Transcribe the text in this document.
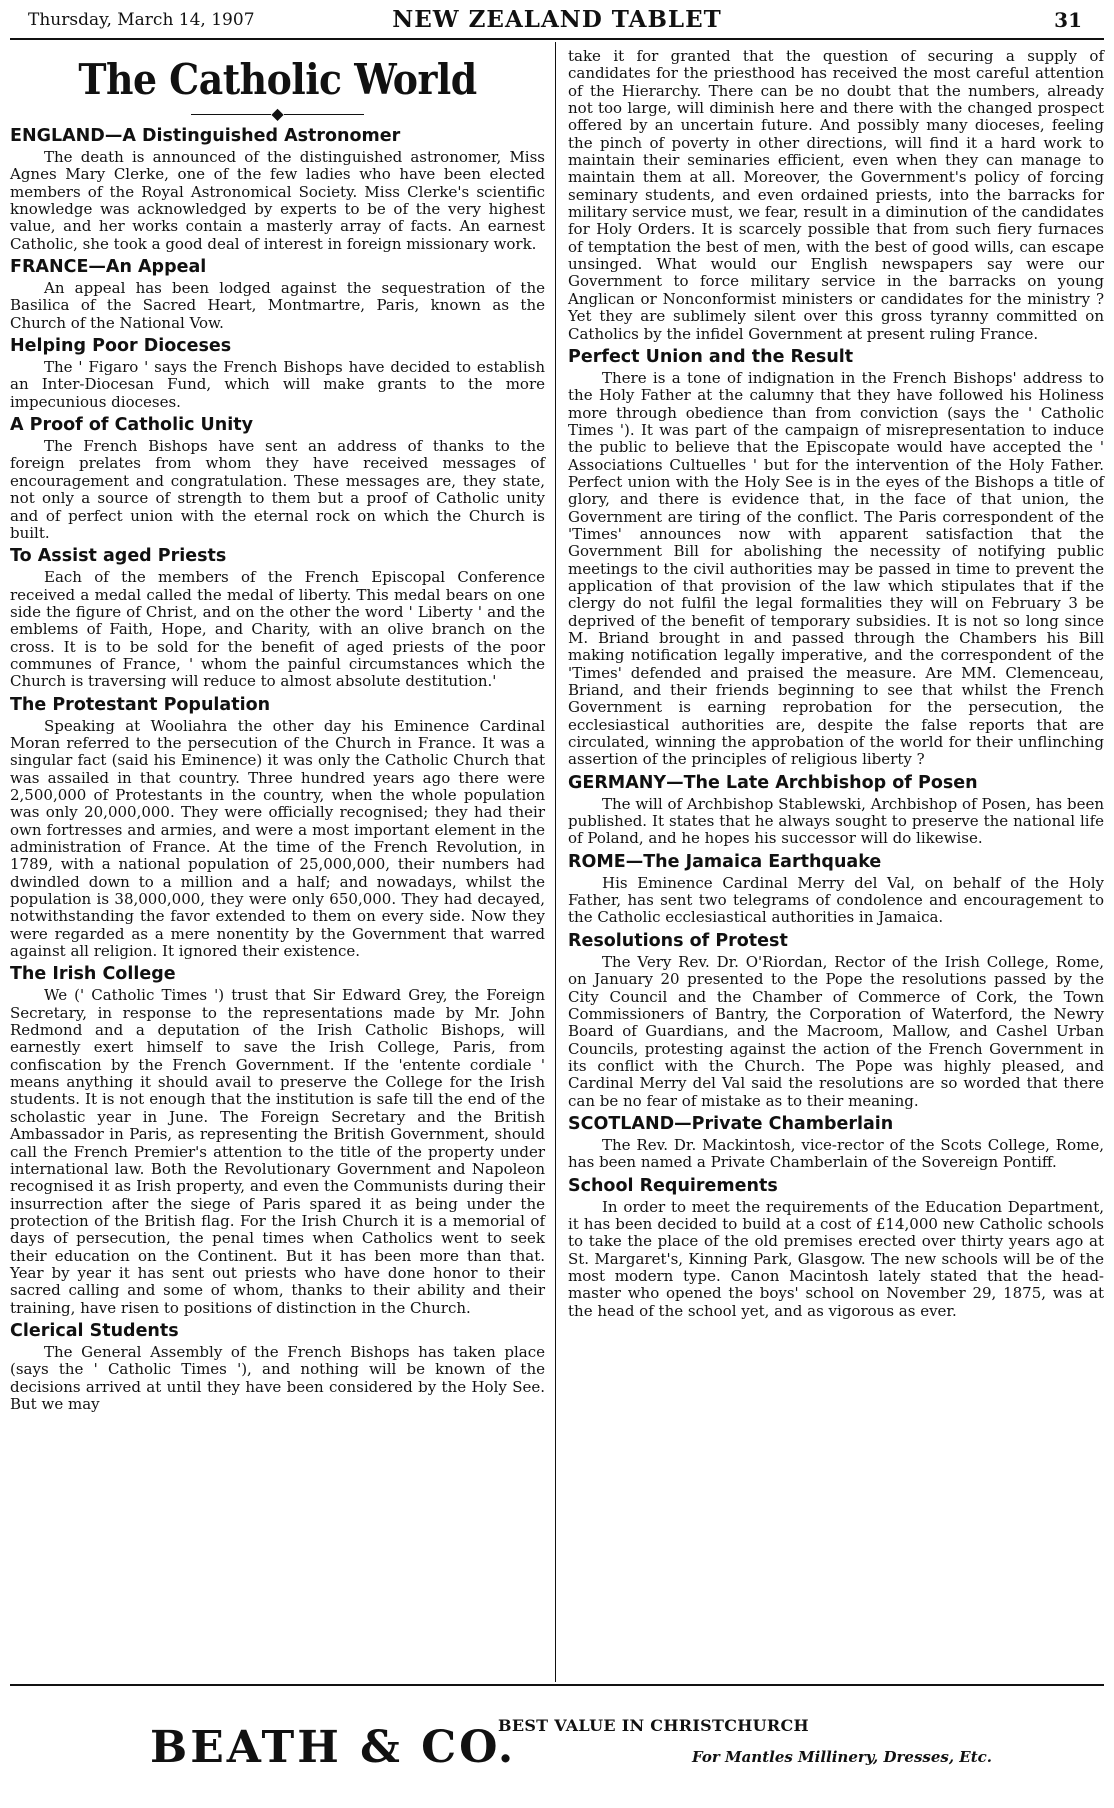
Thursday, March 14, 1907	NEW ZEALAND TABLET	31
The Catholic World
◆
ENGLAND—A Distinguished Astronomer

The death is announced of the distinguished astronomer, Miss Agnes Mary Clerke, one of the few ladies who have been elected members of the Royal Astronomical Society. Miss Clerke's scientific knowledge was acknowledged by experts to be of the very highest value, and her works contain a masterly array of facts. An earnest Catholic, she took a good deal of interest in foreign missionary work.

FRANCE—An Appeal

An appeal has been lodged against the sequestration of the Basilica of the Sacred Heart, Montmartre, Paris, known as the Church of the National Vow.

Helping Poor Dioceses

The ' Figaro ' says the French Bishops have decided to establish an Inter-Diocesan Fund, which will make grants to the more impecunious dioceses.

A Proof of Catholic Unity

The French Bishops have sent an address of thanks to the foreign prelates from whom they have received messages of encouragement and congratulation. These messages are, they state, not only a source of strength to them but a proof of Catholic unity and of perfect union with the eternal rock on which the Church is built.

To Assist aged Priests

Each of the members of the French Episcopal Conference received a medal called the medal of liberty. This medal bears on one side the figure of Christ, and on the other the word ' Liberty ' and the emblems of Faith, Hope, and Charity, with an olive branch on the cross. It is to be sold for the benefit of aged priests of the poor communes of France, ' whom the painful circumstances which the Church is traversing will reduce to almost absolute destitution.'

The Protestant Population

Speaking at Wooliahra the other day his Eminence Cardinal Moran referred to the persecution of the Church in France. It was a singular fact (said his Eminence) it was only the Catholic Church that was assailed in that country. Three hundred years ago there were 2,500,000 of Protestants in the country, when the whole population was only 20,000,000. They were officially recognised; they had their own fortresses and armies, and were a most important element in the administration of France. At the time of the French Revolution, in 1789, with a national population of 25,000,000, their numbers had dwindled down to a million and a half; and nowadays, whilst the population is 38,000,000, they were only 650,000. They had decayed, notwithstanding the favor extended to them on every side. Now they were regarded as a mere nonentity by the Government that warred against all religion. It ignored their existence.

The Irish College

We (' Catholic Times ') trust that Sir Edward Grey, the Foreign Secretary, in response to the representations made by Mr. John Redmond and a deputation of the Irish Catholic Bishops, will earnestly exert himself to save the Irish College, Paris, from confiscation by the French Government. If the 'entente cordiale ' means anything it should avail to preserve the College for the Irish students. It is not enough that the institution is safe till the end of the scholastic year in June. The Foreign Secretary and the British Ambassador in Paris, as representing the British Government, should call the French Premier's attention to the title of the property under international law. Both the Revolutionary Government and Napoleon recognised it as Irish property, and even the Communists during their insurrection after the siege of Paris spared it as being under the protection of the British flag. For the Irish Church it is a memorial of days of persecution, the penal times when Catholics went to seek their education on the Continent. But it has been more than that. Year by year it has sent out priests who have done honor to their sacred calling and some of whom, thanks to their ability and their training, have risen to positions of distinction in the Church.

Clerical Students

The General Assembly of the French Bishops has taken place (says the ' Catholic Times '), and nothing will be known of the decisions arrived at until they have been considered by the Holy See. But we may

take it for granted that the question of securing a supply of candidates for the priesthood has received the most careful attention of the Hierarchy. There can be no doubt that the numbers, already not too large, will diminish here and there with the changed prospect offered by an uncertain future. And possibly many dioceses, feeling the pinch of poverty in other directions, will find it a hard work to maintain their seminaries efficient, even when they can manage to maintain them at all. Moreover, the Government's policy of forcing seminary students, and even ordained priests, into the barracks for military service must, we fear, result in a diminution of the candidates for Holy Orders. It is scarcely possible that from such fiery furnaces of temptation the best of men, with the best of good wills, can escape unsinged. What would our English newspapers say were our Government to force military service in the barracks on young Anglican or Nonconformist ministers or candidates for the ministry ? Yet they are sublimely silent over this gross tyranny committed on Catholics by the infidel Government at present ruling France.

Perfect Union and the Result

There is a tone of indignation in the French Bishops' address to the Holy Father at the calumny that they have followed his Holiness more through obedience than from conviction (says the ' Catholic Times '). It was part of the campaign of misrepresentation to induce the public to believe that the Episcopate would have accepted the ' Associations Cultuelles ' but for the intervention of the Holy Father. Perfect union with the Holy See is in the eyes of the Bishops a title of glory, and there is evidence that, in the face of that union, the Government are tiring of the conflict. The Paris correspondent of the 'Times' announces now with apparent satisfaction that the Government Bill for abolishing the necessity of notifying public meetings to the civil authorities may be passed in time to prevent the application of that provision of the law which stipulates that if the clergy do not fulfil the legal formalities they will on February 3 be deprived of the benefit of temporary subsidies. It is not so long since M. Briand brought in and passed through the Chambers his Bill making notification legally imperative, and the correspondent of the 'Times' defended and praised the measure. Are MM. Clemenceau, Briand, and their friends beginning to see that whilst the French Government is earning reprobation for the persecution, the ecclesiastical authorities are, despite the false reports that are circulated, winning the approbation of the world for their unflinching assertion of the principles of religious liberty ?

GERMANY—The Late Archbishop of Posen

The will of Archbishop Stablewski, Archbishop of Posen, has been published. It states that he always sought to preserve the national life of Poland, and he hopes his successor will do likewise.

ROME—The Jamaica Earthquake

His Eminence Cardinal Merry del Val, on behalf of the Holy Father, has sent two telegrams of condolence and encouragement to the Catholic ecclesiastical authorities in Jamaica.

Resolutions of Protest

The Very Rev. Dr. O'Riordan, Rector of the Irish College, Rome, on January 20 presented to the Pope the resolutions passed by the City Council and the Chamber of Commerce of Cork, the Town Commissioners of Bantry, the Corporation of Waterford, the Newry Board of Guardians, and the Macroom, Mallow, and Cashel Urban Councils, protesting against the action of the French Government in its conflict with the Church. The Pope was highly pleased, and Cardinal Merry del Val said the resolutions are so worded that there can be no fear of mistake as to their meaning.

SCOTLAND—Private Chamberlain

The Rev. Dr. Mackintosh, vice-rector of the Scots College, Rome, has been named a Private Chamberlain of the Sovereign Pontiff.

School Requirements

In order to meet the requirements of the Education Department, it has been decided to build at a cost of £14,000 new Catholic schools to take the place of the old premises erected over thirty years ago at St. Margaret's, Kinning Park, Glasgow. The new schools will be of the most modern type. Canon Macintosh lately stated that the head-master who opened the boys' school on November 29, 1875, was at the head of the school yet, and as vigorous as ever.

BEATH & CO.
BEST VALUE IN CHRISTCHURCH
For Mantles Millinery, Dresses, Etc.
